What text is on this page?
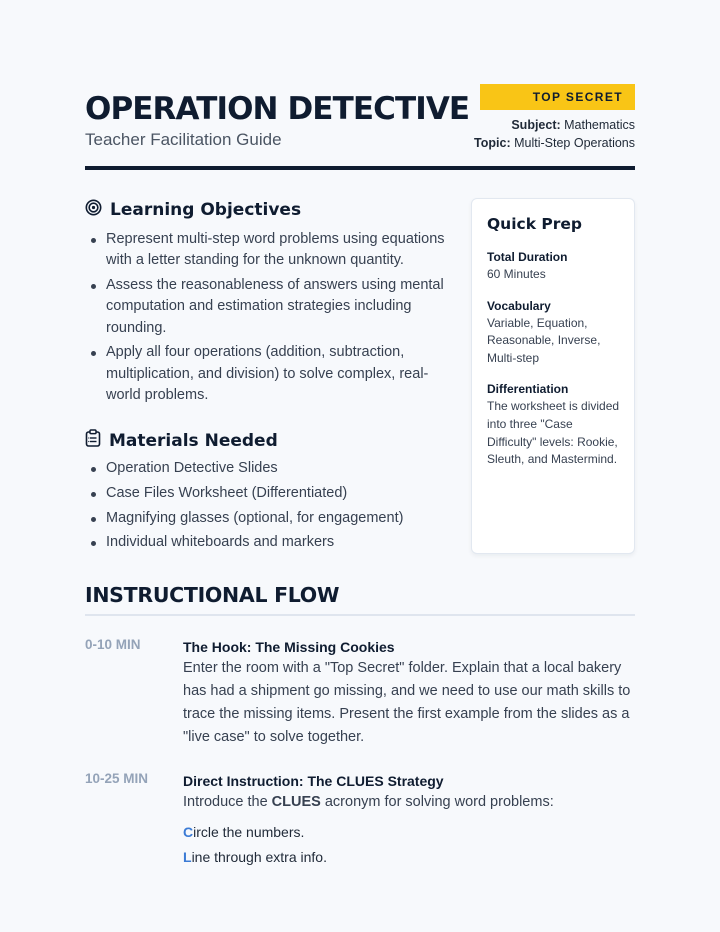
OPERATION DETECTIVE
Teacher Facilitation Guide
TOP SECRET
Subject: Mathematics
Topic: Multi-Step Operations
Learning Objectives
Represent multi-step word problems using equations with a letter standing for the unknown quantity.
Assess the reasonableness of answers using mental computation and estimation strategies including rounding.
Apply all four operations (addition, subtraction, multiplication, and division) to solve complex, real-world problems.
Materials Needed
Operation Detective Slides
Case Files Worksheet (Differentiated)
Magnifying glasses (optional, for engagement)
Individual whiteboards and markers
Quick Prep
Total Duration
60 Minutes
Vocabulary
Variable, Equation, Reasonable, Inverse, Multi-step
Differentiation
The worksheet is divided into three "Case Difficulty" levels: Rookie, Sleuth, and Mastermind.
INSTRUCTIONAL FLOW
0-10 MIN	The Hook: The Missing Cookies
Enter the room with a "Top Secret" folder. Explain that a local bakery has had a shipment go missing, and we need to use our math skills to trace the missing items. Present the first example from the slides as a "live case" to solve together.
10-25 MIN Direct Instruction: The CLUES Strategy
Introduce the CLUES acronym for solving word problems:
Circle the numbers.
Line through extra info.
